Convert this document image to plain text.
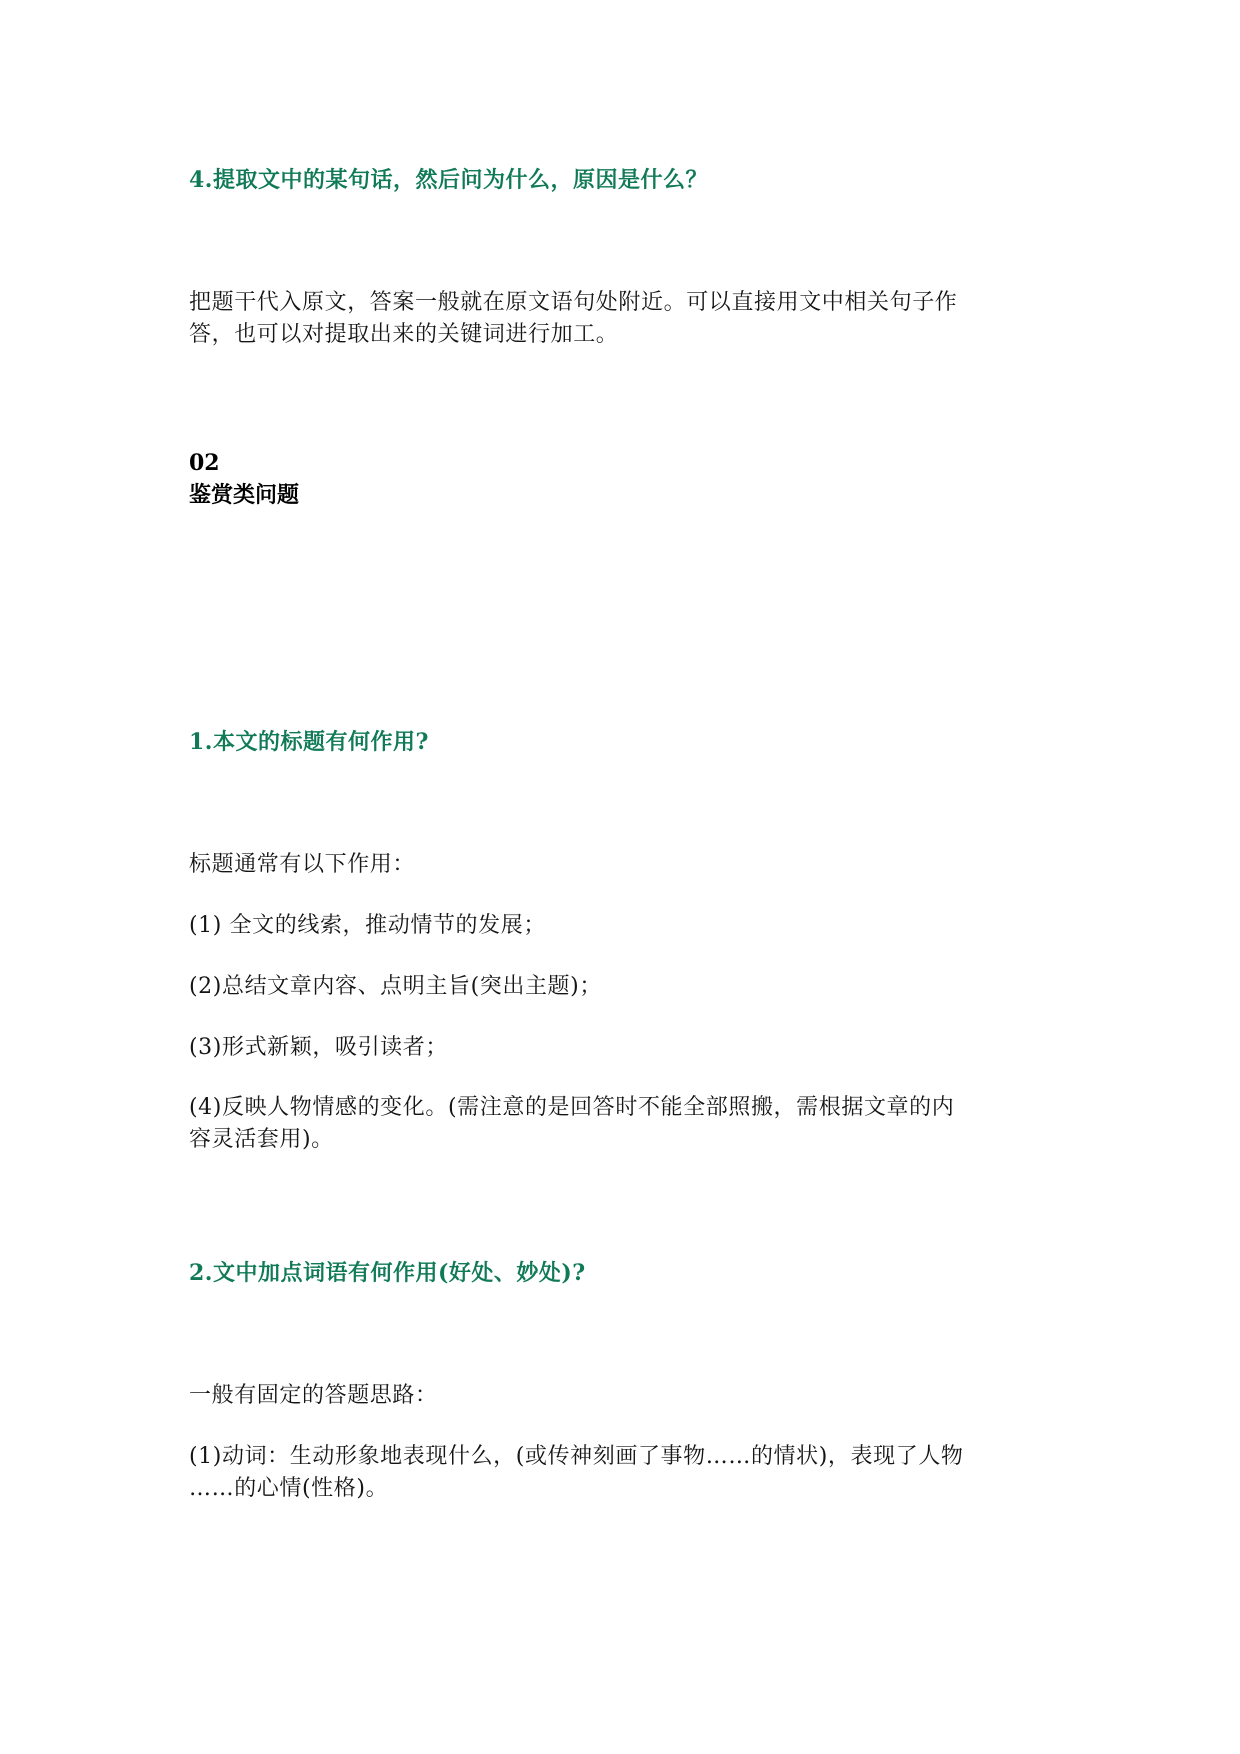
4.提取文中的某句话，然后问为什么，原因是什么？
把题干代入原文，答案一般就在原文语句处附近。可以直接用文中相关句子作
答，也可以对提取出来的关键词进行加工。
02
鉴赏类问题
1.本文的标题有何作用?
标题通常有以下作用：
(1) 全文的线索，推动情节的发展；
(2)总结文章内容、点明主旨(突出主题)；
(3)形式新颖，吸引读者；
(4)反映人物情感的变化。(需注意的是回答时不能全部照搬，需根据文章的内
容灵活套用)。
2.文中加点词语有何作用(好处、妙处)?
一般有固定的答题思路：
(1)动词：生动形象地表现什么，(或传神刻画了事物……的情状)，表现了人物
……的心情(性格)。
